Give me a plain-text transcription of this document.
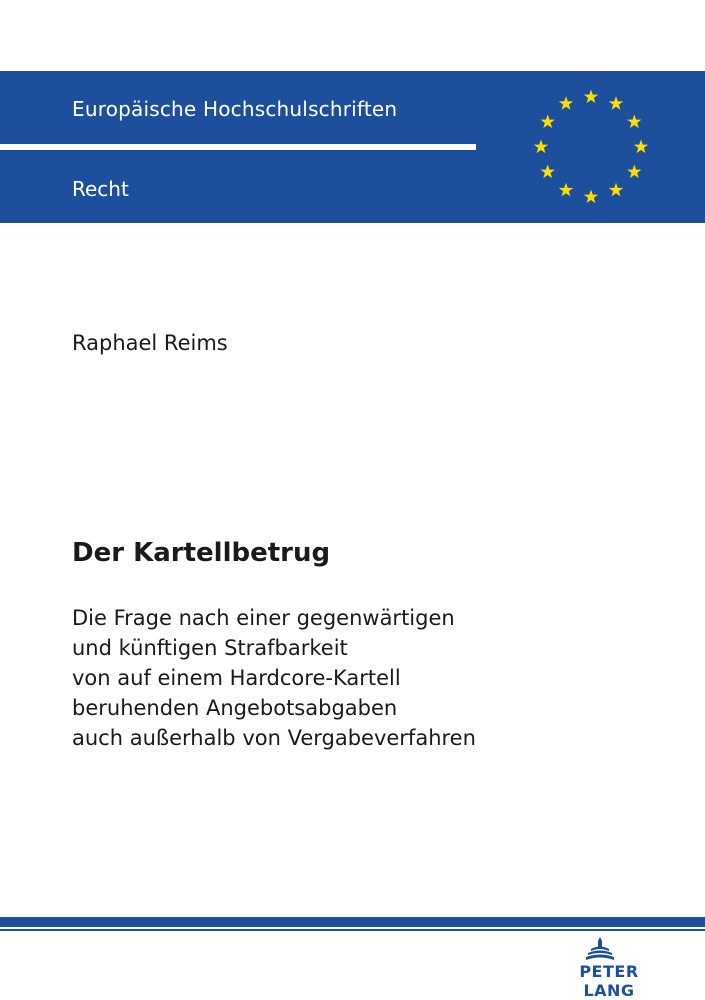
Europäische Hochschulschriften
Recht
Raphael Reims
Der Kartellbetrug
Die Frage nach einer gegenwärtigen
und künftigen Strafbarkeit
von auf einem Hardcore-Kartell
beruhenden Angebotsabgaben
auch außerhalb von Vergabeverfahren
PETER LANG
